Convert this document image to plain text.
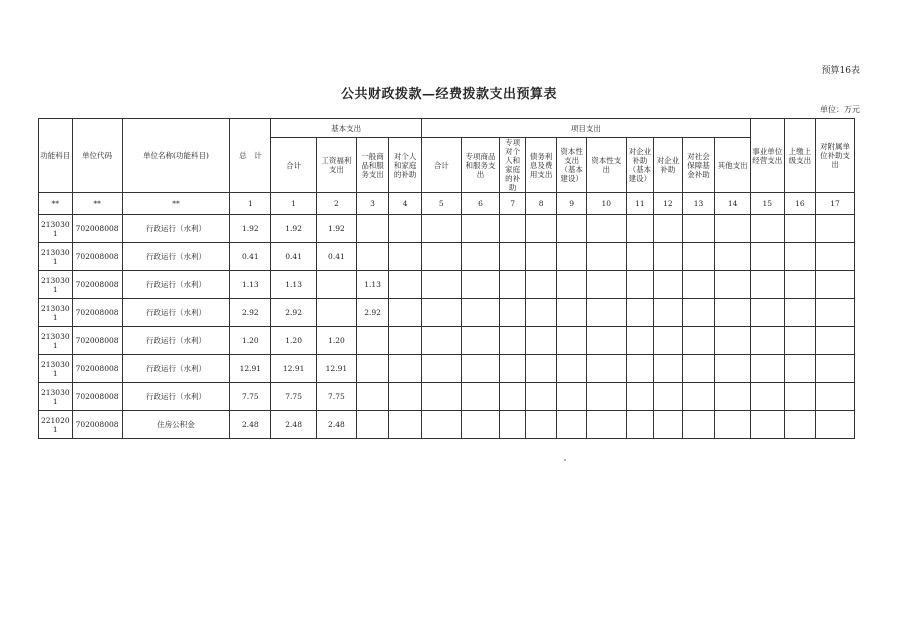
预算16表
公共财政拨款—经费拨款支出预算表
单位：万元
功能科目	单位代码	单位名称(功能科目)	总　计	基本支出				项目支出										事业单位经营支出	上缴上级支出	对附属单位补助支出
				合计	工资福利支出	一般商品和服务支出	对个人和家庭的补助	合计	专项商品和服务支出	专项对个人和家庭的补助	债务利息及费用支出	资本性支出（基本建设）	资本性支出	对企业补助（基本建设）	对企业补助	对社会保障基金补助	其他支出			
**	**	**	1	1	2	3	4	5	6	7	8	9	10	11	12	13	14	15	16	17
2130301	702008008	行政运行（水利）	1.92	1.92	1.92															
2130301	702008008	行政运行（水利）	0.41	0.41	0.41															
2130301	702008008	行政运行（水利）	1.13	1.13		1.13														
2130301	702008008	行政运行（水利）	2.92	2.92		2.92														
2130301	702008008	行政运行（水利）	1.20	1.20	1.20															
2130301	702008008	行政运行（水利）	12.91	12.91	12.91															
2130301	702008008	行政运行（水利）	7.75	7.75	7.75															
2210201	702008008	住房公积金	2.48	2.48	2.48															
